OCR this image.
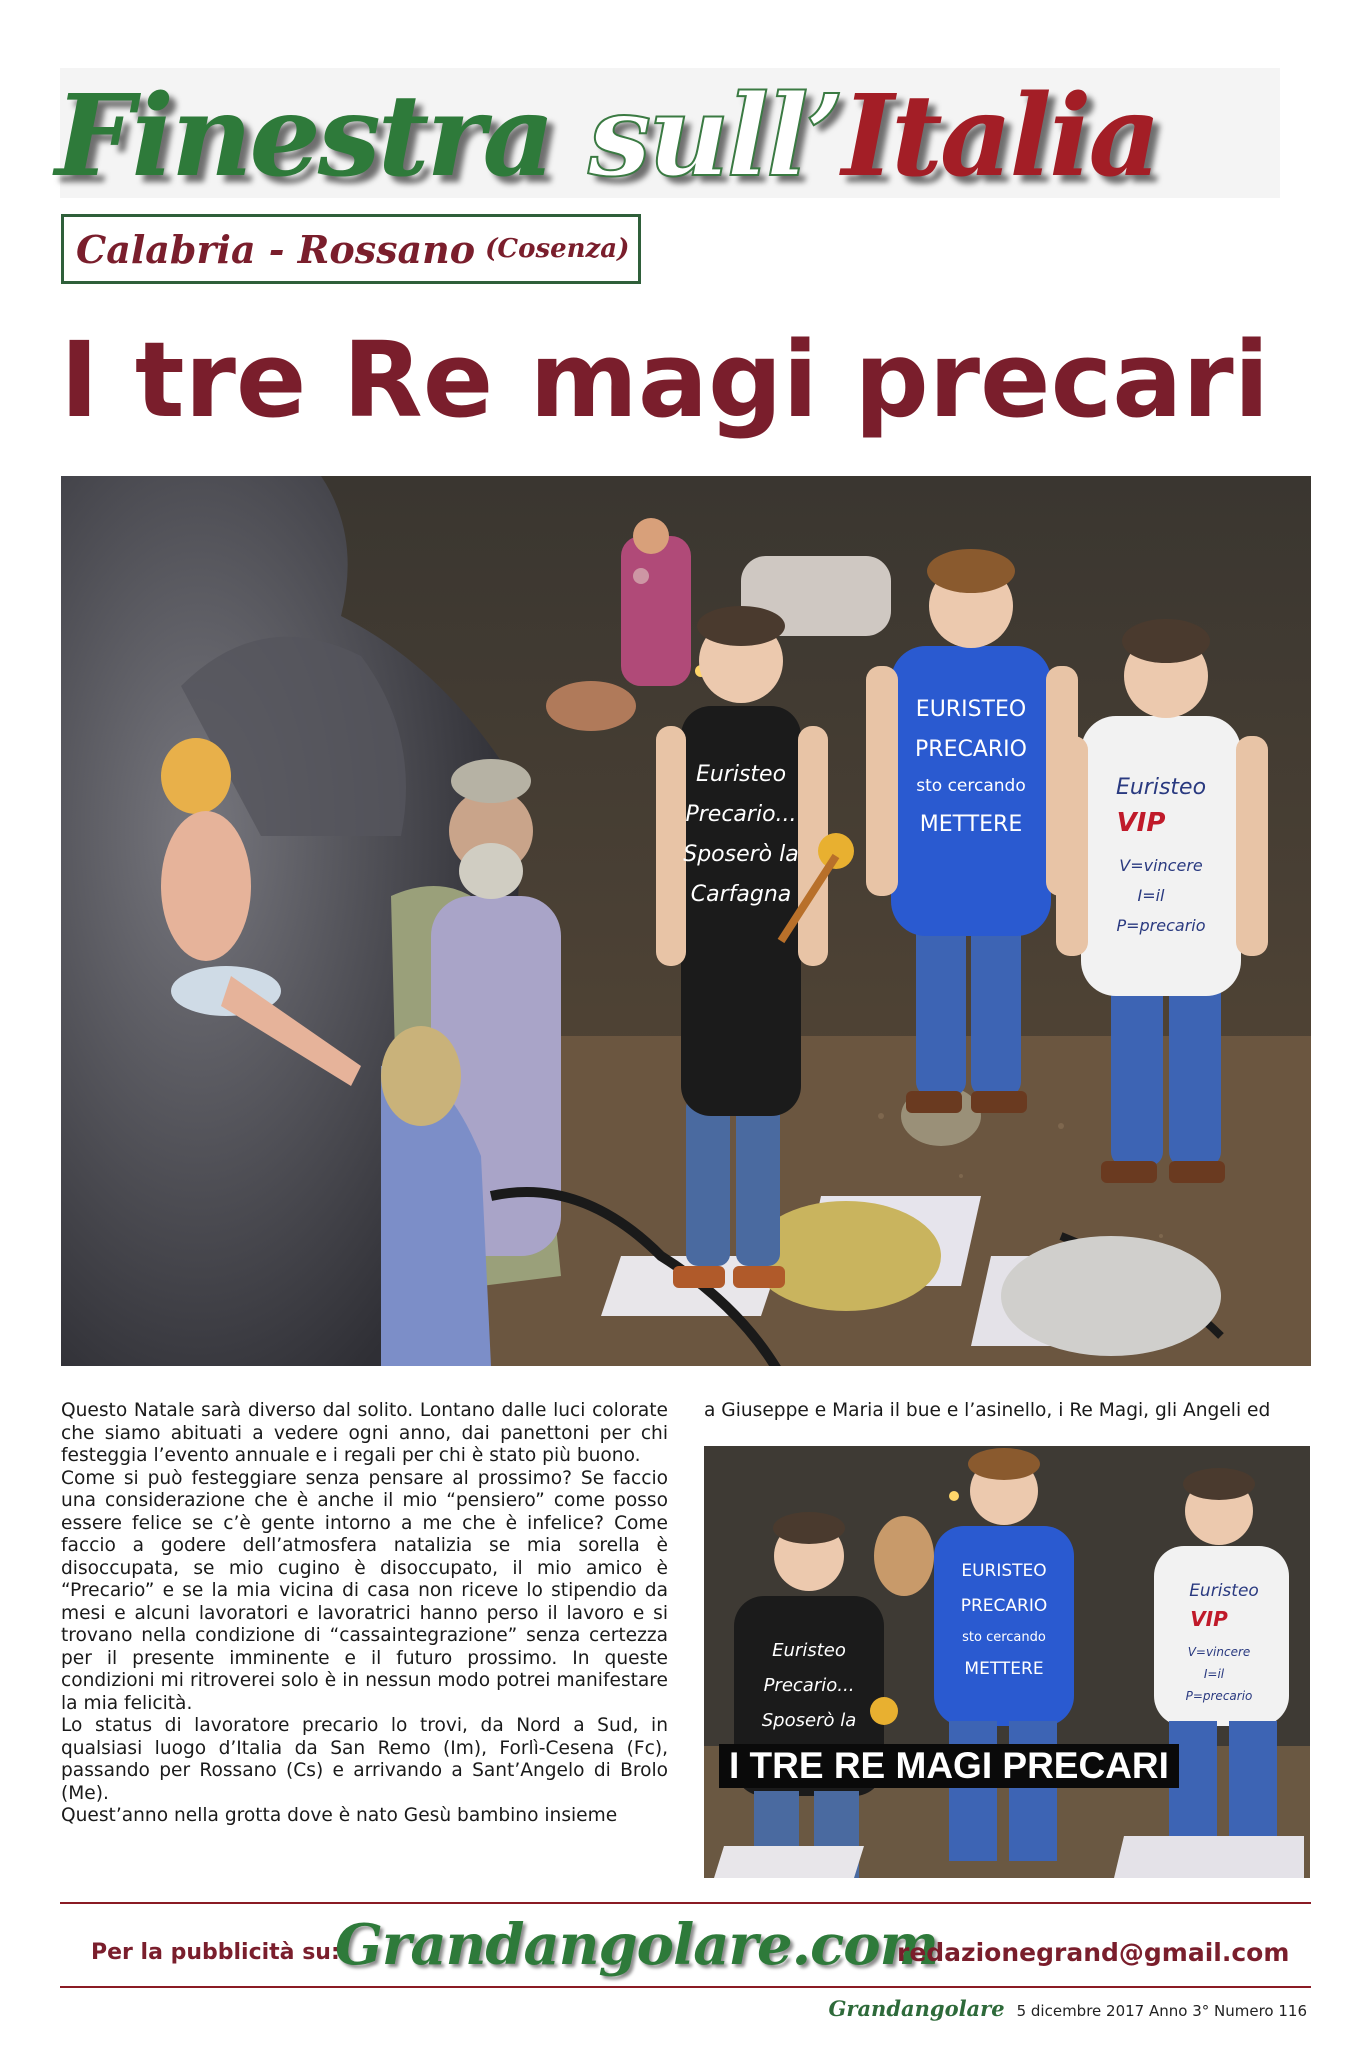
Finestra sull’Italia
Calabria - Rossano (Cosenza)
I tre Re magi precari
Euristeo
Precario...
Sposerò la
Carfagna
EURISTEO
PRECARIO
sto cercando
METTERE
Euristeo
VIP
V=vincere
I=il
P=precario

Questo Natale sarà diverso dal solito. Lontano dalle luci colorate che siamo abituati a vedere ogni anno, dai panettoni per chi festeggia l’evento annuale e i regali per chi è stato più buono.

Come si può festeggiare senza pensare al prossimo? Se faccio una considerazione che è anche il mio “pensiero” come posso essere felice se c’è gente intorno a me che è infelice? Come faccio a godere dell’atmosfera natalizia se mia sorella è disoccupata, se mio cugino è disoccupato, il mio amico è “Precario” e se la mia vicina di casa non riceve lo stipendio da mesi e alcuni lavoratori e lavoratrici hanno perso il lavoro e si trovano nella condizione di “cassaintegrazione” senza certezza per il presente imminente e il futuro prossimo. In queste condizioni mi ritroverei solo è in nessun modo potrei manifestare la mia felicità.

Lo status di lavoratore precario lo trovi, da Nord a Sud, in qualsiasi luogo d’Italia da San Remo (Im), Forlì-Cesena (Fc), passando per Rossano (Cs) e arrivando a Sant’Angelo di Brolo (Me).

Quest’anno nella grotta dove è nato Gesù bambino insieme

a Giuseppe e Maria il bue e l’asinello, i Re Magi, gli Angeli ed
Euristeo
Precario...
Sposerò la
EURISTEO
PRECARIO
sto cercando
METTERE
Euristeo
VIP
V=vincere
I=il
P=precario
I TRE RE MAGI PRECARI
Per la pubblicità su:
Grandangolare.com
redazionegrand@gmail.com
Grandangolare 5 dicembre 2017 Anno 3° Numero 116
